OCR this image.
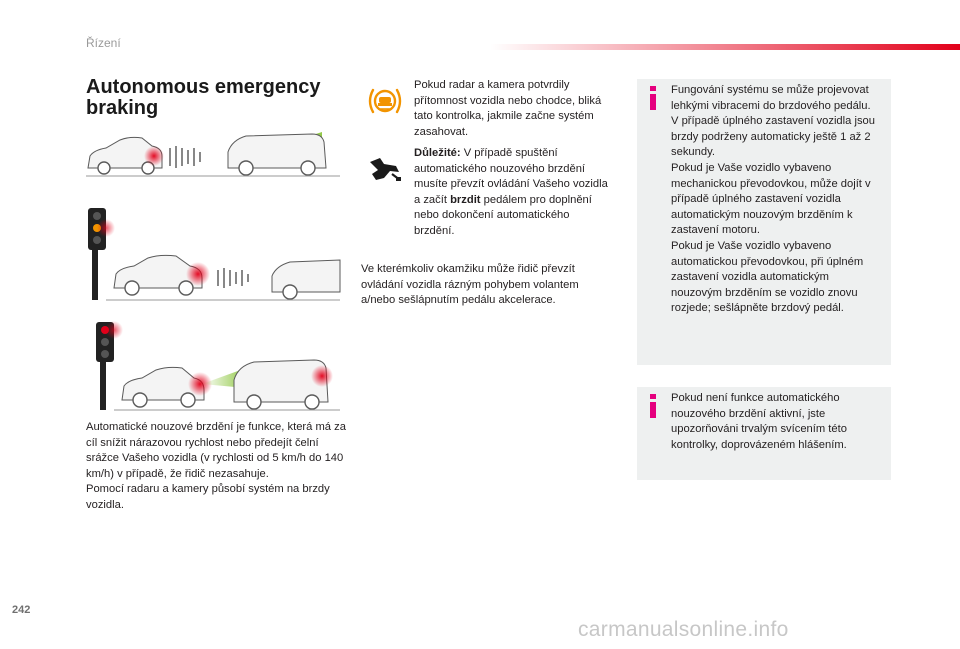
Řízení
Autonomous emergency braking

Automatické nouzové brzdění je funkce, která má za cíl snížit nárazovou rychlost nebo předejít čelní srážce Vašeho vozidla (v rychlosti od 5 km/h do 140 km/h) v případě, že řidič nezasahuje.

Pomocí radaru a kamery působí systém na brzdy vozidla.

Pokud radar a kamera potvrdily přítomnost vozidla nebo chodce, bliká tato kontrolka, jakmile začne systém zasahovat.

Důležité: V případě spuštění automatického nouzového brzdění musíte převzít ovládání Vašeho vozidla a začít brzdit pedálem pro doplnění nebo dokončení automatického brzdění.

Ve kterémkoliv okamžiku může řidič převzít ovládání vozidla rázným pohybem volantem a/nebo sešlápnutím pedálu akcelerace.

Fungování systému se může projevovat lehkými vibracemi do brzdového pedálu.

V případě úplného zastavení vozidla jsou brzdy podrženy automaticky ještě 1 až 2 sekundy.

Pokud je Vaše vozidlo vybaveno mechanickou převodovkou, může dojít v případě úplného zastavení vozidla automatickým nouzovým brzděním k zastavení motoru.

Pokud je Vaše vozidlo vybaveno automatickou převodovkou, při úplném zastavení vozidla automatickým nouzovým brzděním se vozidlo znovu rozjede; sešlápněte brzdový pedál.

Pokud není funkce automatického nouzového brzdění aktivní, jste upozorňováni trvalým svícením této kontrolky, doprovázeném hlášením.

242
carmanualsonline.info
